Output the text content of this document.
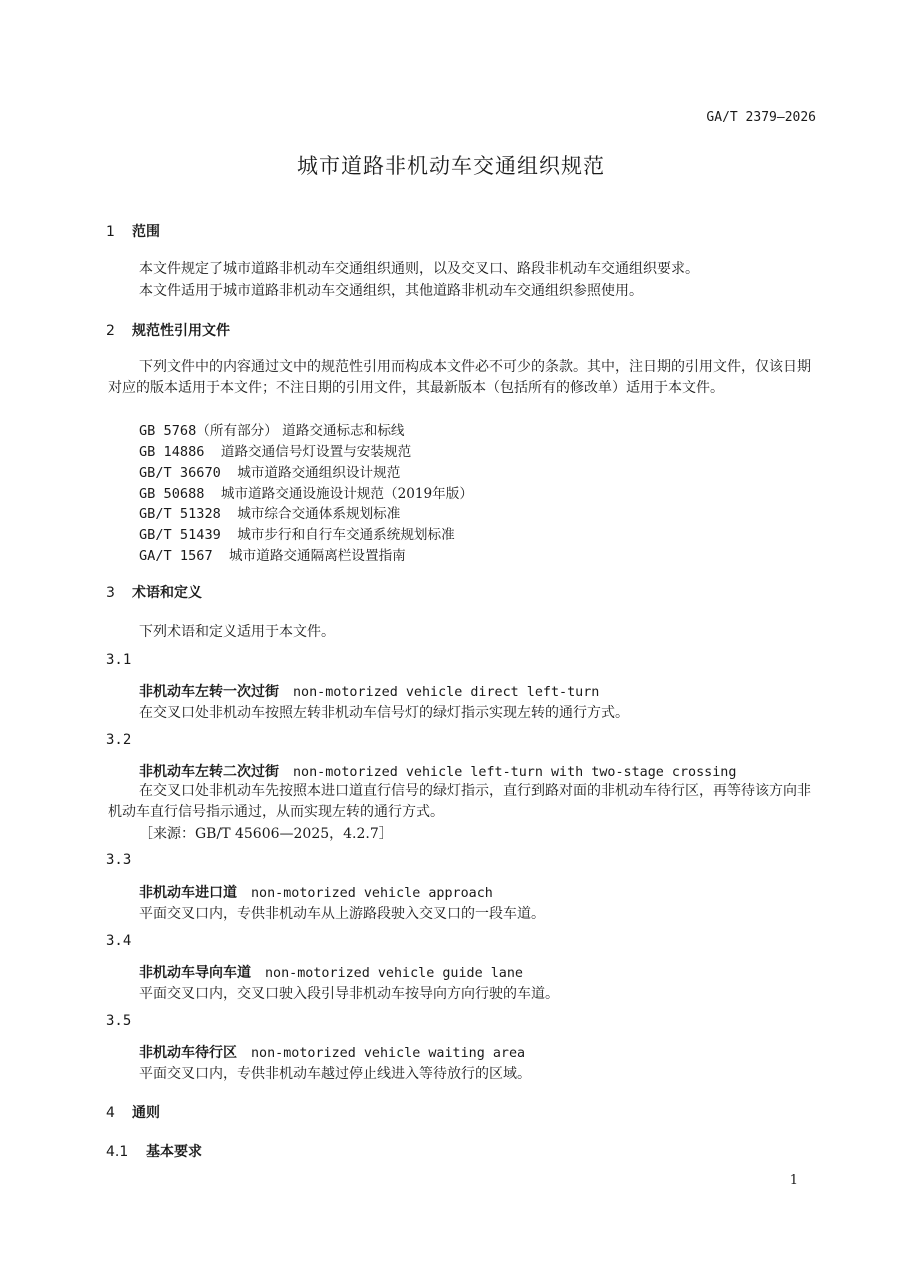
GA/T 2379—2026
城市道路非机动车交通组织规范
1 范围
本文件规定了城市道路非机动车交通组织通则，以及交叉口、路段非机动车交通组织要求。
本文件适用于城市道路非机动车交通组织，其他道路非机动车交通组织参照使用。
2 规范性引用文件
下列文件中的内容通过文中的规范性引用而构成本文件必不可少的条款。其中，注日期的引用文件，仅该日期对应的版本适用于本文件；不注日期的引用文件，其最新版本（包括所有的修改单）适用于本文件。
GB 5768（所有部分） 道路交通标志和标线
GB 14886 道路交通信号灯设置与安装规范
GB/T 36670 城市道路交通组织设计规范
GB 50688 城市道路交通设施设计规范（2019年版）
GB/T 51328 城市综合交通体系规划标准
GB/T 51439 城市步行和自行车交通系统规划标准
GA/T 1567 城市道路交通隔离栏设置指南
3 术语和定义
下列术语和定义适用于本文件。
3.1
非机动车左转一次过街 non-motorized vehicle direct left-turn
在交叉口处非机动车按照左转非机动车信号灯的绿灯指示实现左转的通行方式。
3.2
非机动车左转二次过街 non-motorized vehicle left-turn with two-stage crossing
在交叉口处非机动车先按照本进口道直行信号的绿灯指示，直行到路对面的非机动车待行区，再等待该方向非机动车直行信号指示通过，从而实现左转的通行方式。
［来源：GB/T 45606—2025，4.2.7］
3.3
非机动车进口道 non-motorized vehicle approach
平面交叉口内，专供非机动车从上游路段驶入交叉口的一段车道。
3.4
非机动车导向车道 non-motorized vehicle guide lane
平面交叉口内，交叉口驶入段引导非机动车按导向方向行驶的车道。
3.5
非机动车待行区 non-motorized vehicle waiting area
平面交叉口内，专供非机动车越过停止线进入等待放行的区域。
4 通则
4.1 基本要求
1
